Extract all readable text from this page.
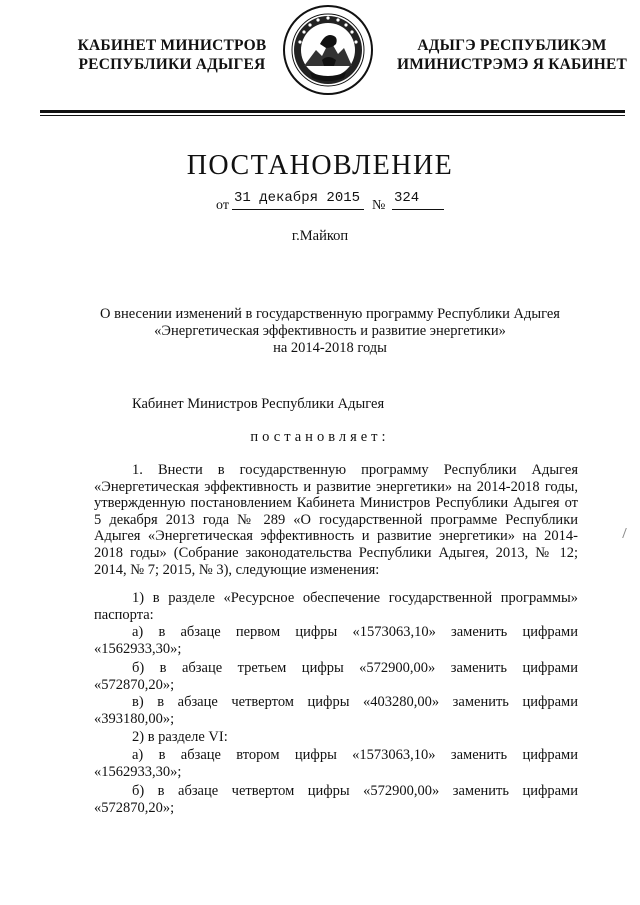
КАБИНЕТ МИНИСТРОВ
РЕСПУБЛИКИ АДЫГЕЯ
АДЫГЭ РЕСПУБЛИКЭМ
ИМИНИСТРЭМЭ Я КАБИНЕТ
ПОСТАНОВЛЕНИЕ
от 31 декабря 2015 № 324
г.Майкоп
О внесении изменений в государственную программу Республики Адыгея
«Энергетическая эффективность и развитие энергетики»
на 2014-2018 годы
Кабинет Министров Республики Адыгея
постановляет:
1. Внести в государственную программу Республики Адыгея «Энергетическая эффективность и развитие энергетики» на 2014-2018 годы, утвержденную постановлением Кабинета Министров Республики Адыгея от 5 декабря 2013 года № 289 «О государственной программе Республики Адыгея «Энергетическая эффективность и развитие энергетики» на 2014-2018 годы» (Собрание законодательства Республики Адыгея, 2013, № 12; 2014, № 7; 2015, № 3), следующие изменения:
1) в разделе «Ресурсное обеспечение государственной программы» паспорта:
а) в абзаце первом цифры «1573063,10» заменить цифрами «1562933,30»;
б) в абзаце третьем цифры «572900,00» заменить цифрами «572870,20»;
в) в абзаце четвертом цифры «403280,00» заменить цифрами «393180,00»;
2) в разделе VI:
а) в абзаце втором цифры «1573063,10» заменить цифрами «1562933,30»;
б) в абзаце четвертом цифры «572900,00» заменить цифрами «572870,20»;
